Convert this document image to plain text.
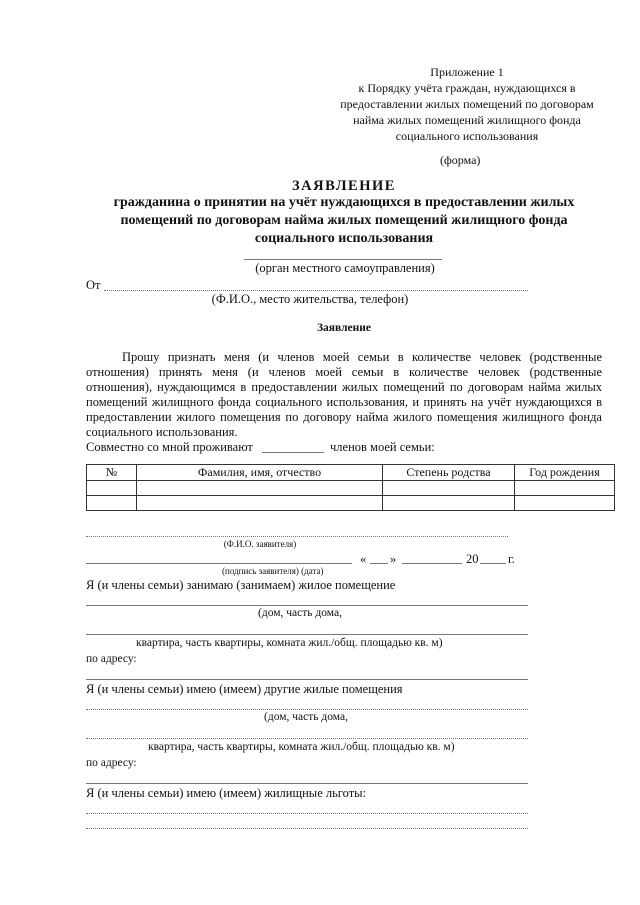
Приложение 1
к Порядку учёта граждан, нуждающихся в
предоставлении жилых помещений по договорам
найма жилых помещений жилищного фонда
социального использования
(форма)
ЗАЯВЛЕНИЕ
гражданина о принятии на учёт нуждающихся в предоставлении жилых помещений по договорам найма жилых помещений жилищного фонда социального использования
(орган местного самоуправления)
От
(Ф.И.О., место жительства, телефон)
Заявление

Прошу признать меня (и членов моей семьи в количестве человек (родственные отношения) принять меня (и членов моей семьи в количестве человек (родственные отношения), нуждающимся в предоставлении жилых помещений по договорам найма жилых помещений жилищного фонда социального использования, и принять на учёт нуждающихся в предоставлении жилого помещения по договору найма жилого помещения жилищного фонда социального использования.

Совместно со мной проживают	членов моей семьи:
№	Фамилия, имя, отчество	Степень родства	Год рождения

(Ф.И.О. заявителя)
« »	20 г.
(подпись заявителя) (дата)
Я (и члены семьи) занимаю (занимаем) жилое помещение
(дом, часть дома,
квартира, часть квартиры, комната жил./общ. площадью кв. м)
по адресу:
Я (и члены семьи) имею (имеем) другие жилые помещения
(дом, часть дома,
квартира, часть квартиры, комната жил./общ. площадью кв. м)
по адресу:
Я (и члены семьи) имею (имеем) жилищные льготы:
